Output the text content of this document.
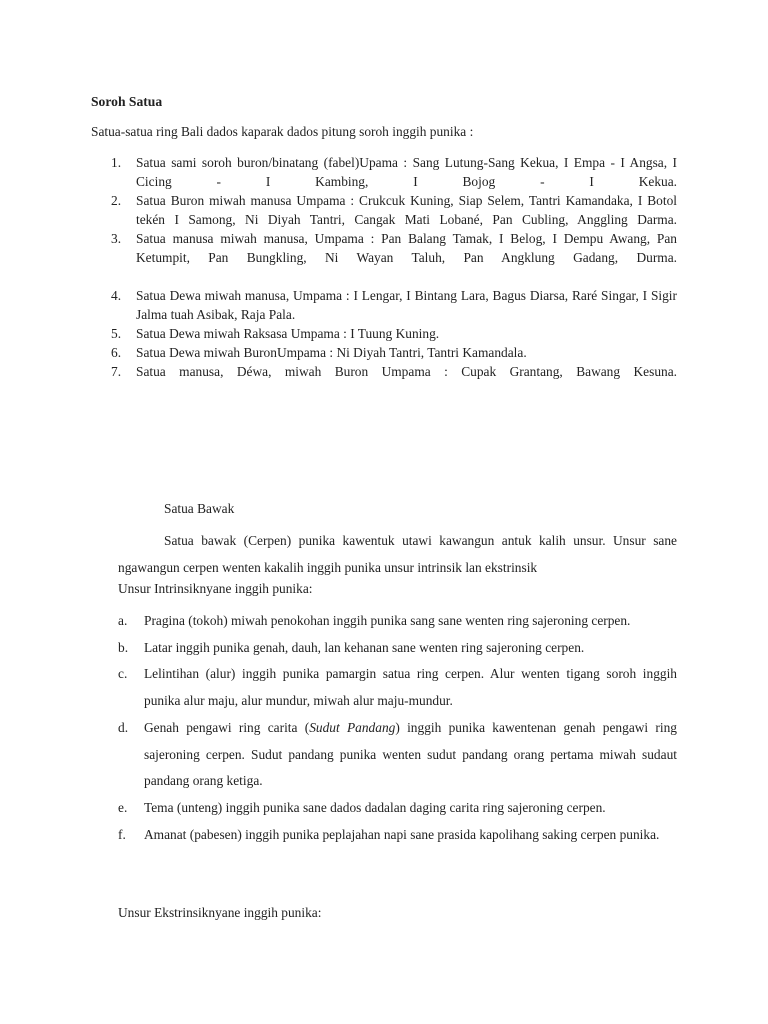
Soroh Satua
Satua-satua ring Bali dados kaparak dados pitung soroh inggih punika :
1. Satua sami soroh buron/binatang (fabel)Upama : Sang Lutung-Sang Kekua, I Empa - I Angsa, I Cicing - I Kambing, I Bojog - I Kekua.
2. Satua Buron miwah manusa Umpama : Crukcuk Kuning, Siap Selem, Tantri Kamandaka, I Botol tekén I Samong, Ni Diyah Tantri, Cangak Mati Lobané, Pan Cubling, Anggling Darma.
3. Satua manusa miwah manusa, Umpama : Pan Balang Tamak, I Belog, I Dempu Awang, Pan Ketumpit, Pan Bungkling, Ni Wayan Taluh, Pan Angklung Gadang, Durma.
4. Satua Dewa miwah manusa, Umpama : I Lengar, I Bintang Lara, Bagus Diarsa, Raré Singar, I Sigir Jalma tuah Asibak, Raja Pala.
5. Satua Dewa miwah Raksasa Umpama : I Tuung Kuning.
6. Satua Dewa miwah BuronUmpama : Ni Diyah Tantri, Tantri Kamandala.
7. Satua manusa, Déwa, miwah Buron Umpama : Cupak Grantang, Bawang Kesuna.
Satua Bawak

Satua bawak (Cerpen) punika kawentuk utawi kawangun antuk kalih unsur. Unsur sane ngawangun cerpen wenten kakalih inggih punika unsur intrinsik lan ekstrinsik

Unsur Intrinsiknyane inggih punika:
a. Pragina (tokoh) miwah penokohan inggih punika sang sane wenten ring sajeroning cerpen.
b. Latar inggih punika genah, dauh, lan kehanan sane wenten ring sajeroning cerpen.
c. Lelintihan (alur) inggih punika pamargin satua ring cerpen. Alur wenten tigang soroh inggih punika alur maju, alur mundur, miwah alur maju-mundur.
d. Genah pengawi ring carita (Sudut Pandang) inggih punika kawentenan genah pengawi ring sajeroning cerpen. Sudut pandang punika wenten sudut pandang orang pertama miwah sudaut pandang orang ketiga.
e. Tema (unteng) inggih punika sane dados dadalan daging carita ring sajeroning cerpen.
f. Amanat (pabesen) inggih punika peplajahan napi sane prasida kapolihang saking cerpen punika.
Unsur Ekstrinsiknyane inggih punika:
